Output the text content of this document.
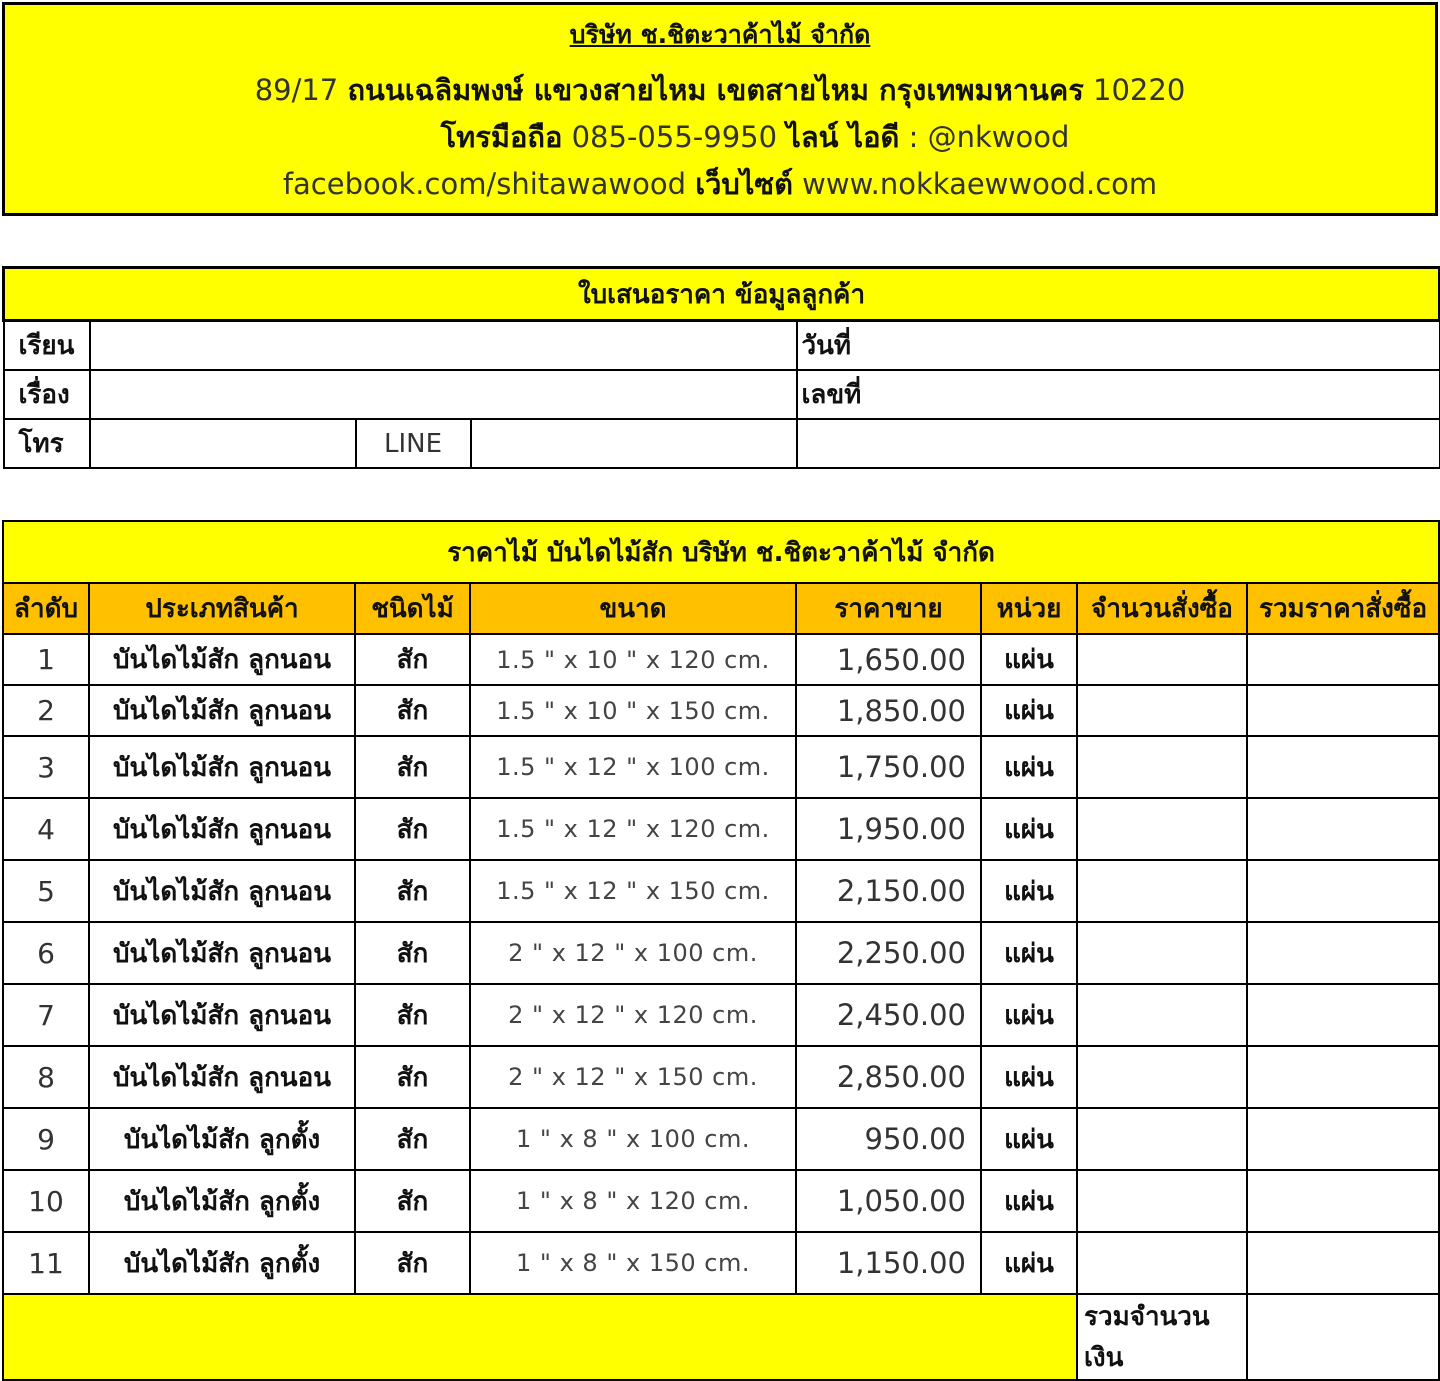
บริษัท ช.ชิตะวาค้าไม้ จำกัด
89/17 ถนนเฉลิมพงษ์ แขวงสายไหม เขตสายไหม กรุงเทพมหานคร 10220
โทรมือถือ 085-055-9950 ไลน์ ไอดี : @nkwood
facebook.com/shitawawood เว็บไซต์ www.nokkaewwood.com
ใบเสนอราคา ข้อมูลลูกค้า				
เรียน				วันที่
เรื่อง				เลขที่
โทร		LINE		
ราคาไม้ บันไดไม้สัก บริษัท ช.ชิตะวาค้าไม้ จำกัด							
ลำดับ	ประเภทสินค้า	ชนิดไม้	ขนาด	ราคาขาย	หน่วย	จำนวนสั่งซื้อ	รวมราคาสั่งซื้อ
1	บันไดไม้สัก ลูกนอน	สัก	1.5 " x 10 " x 120 cm.	1,650.00	แผ่น		
2	บันไดไม้สัก ลูกนอน	สัก	1.5 " x 10 " x 150 cm.	1,850.00	แผ่น		
3	บันไดไม้สัก ลูกนอน	สัก	1.5 " x 12 " x 100 cm.	1,750.00	แผ่น		
4	บันไดไม้สัก ลูกนอน	สัก	1.5 " x 12 " x 120 cm.	1,950.00	แผ่น		
5	บันไดไม้สัก ลูกนอน	สัก	1.5 " x 12 " x 150 cm.	2,150.00	แผ่น		
6	บันไดไม้สัก ลูกนอน	สัก	2 " x 12 " x 100 cm.	2,250.00	แผ่น		
7	บันไดไม้สัก ลูกนอน	สัก	2 " x 12 " x 120 cm.	2,450.00	แผ่น		
8	บันไดไม้สัก ลูกนอน	สัก	2 " x 12 " x 150 cm.	2,850.00	แผ่น		
9	บันไดไม้สัก ลูกตั้ง	สัก	1 " x 8 " x 100 cm.	950.00	แผ่น		
10	บันไดไม้สัก ลูกตั้ง	สัก	1 " x 8 " x 120 cm.	1,050.00	แผ่น		
11	บันไดไม้สัก ลูกตั้ง	สัก	1 " x 8 " x 150 cm.	1,150.00	แผ่น		
						รวมจำนวนเงิน	
